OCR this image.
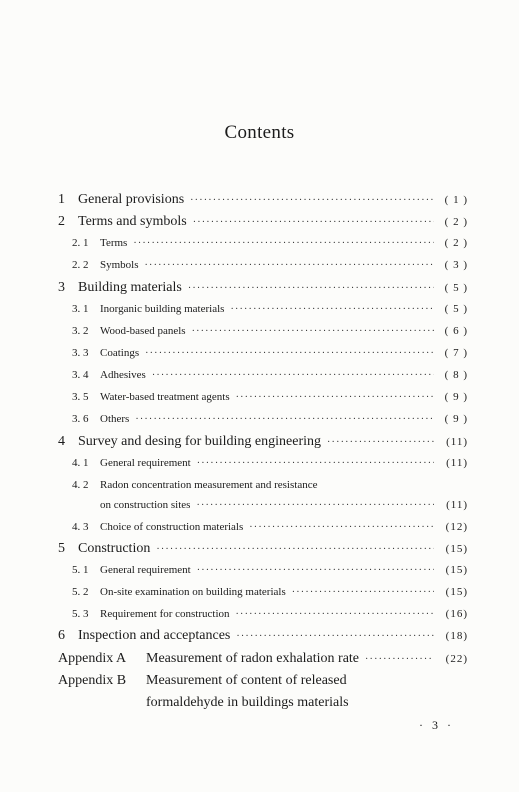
Contents
1 General provisions ·····	( 1 )
2 Terms and symbols ·····	( 2 )
2. 1	Terms ·····	( 2 )
2. 2	Symbols ·····	( 3 )
3 Building materials ·····	( 5 )
3. 1	Inorganic building materials ·····	( 5 )
3. 2	Wood-based panels ·····	( 6 )
3. 3	Coatings ·····	( 7 )
3. 4	Adhesives ·····	( 8 )
3. 5	Water-based treatment agents ·····	( 9 )
3. 6	Others ·····	( 9 )
4 Survey and desing for building engineering ·····	(11)
4. 1	General requirement ·····	(11)
4. 2	Radon concentration measurement and resistance
on construction sites ·····	(11)
4. 3	Choice of construction materials ·····	(12)
5 Construction ·····	(15)
5. 1	General requirement ·····	(15)
5. 2	On-site examination on building materials ·····	(15)
5. 3	Requirement for construction ·····	(16)
6 Inspection and acceptances ·····	(18)
Appendix A	Measurement of radon exhalation rate ·····	(22)
Appendix B	Measurement of content of released
formaldehyde in buildings materials
· 3 ·
